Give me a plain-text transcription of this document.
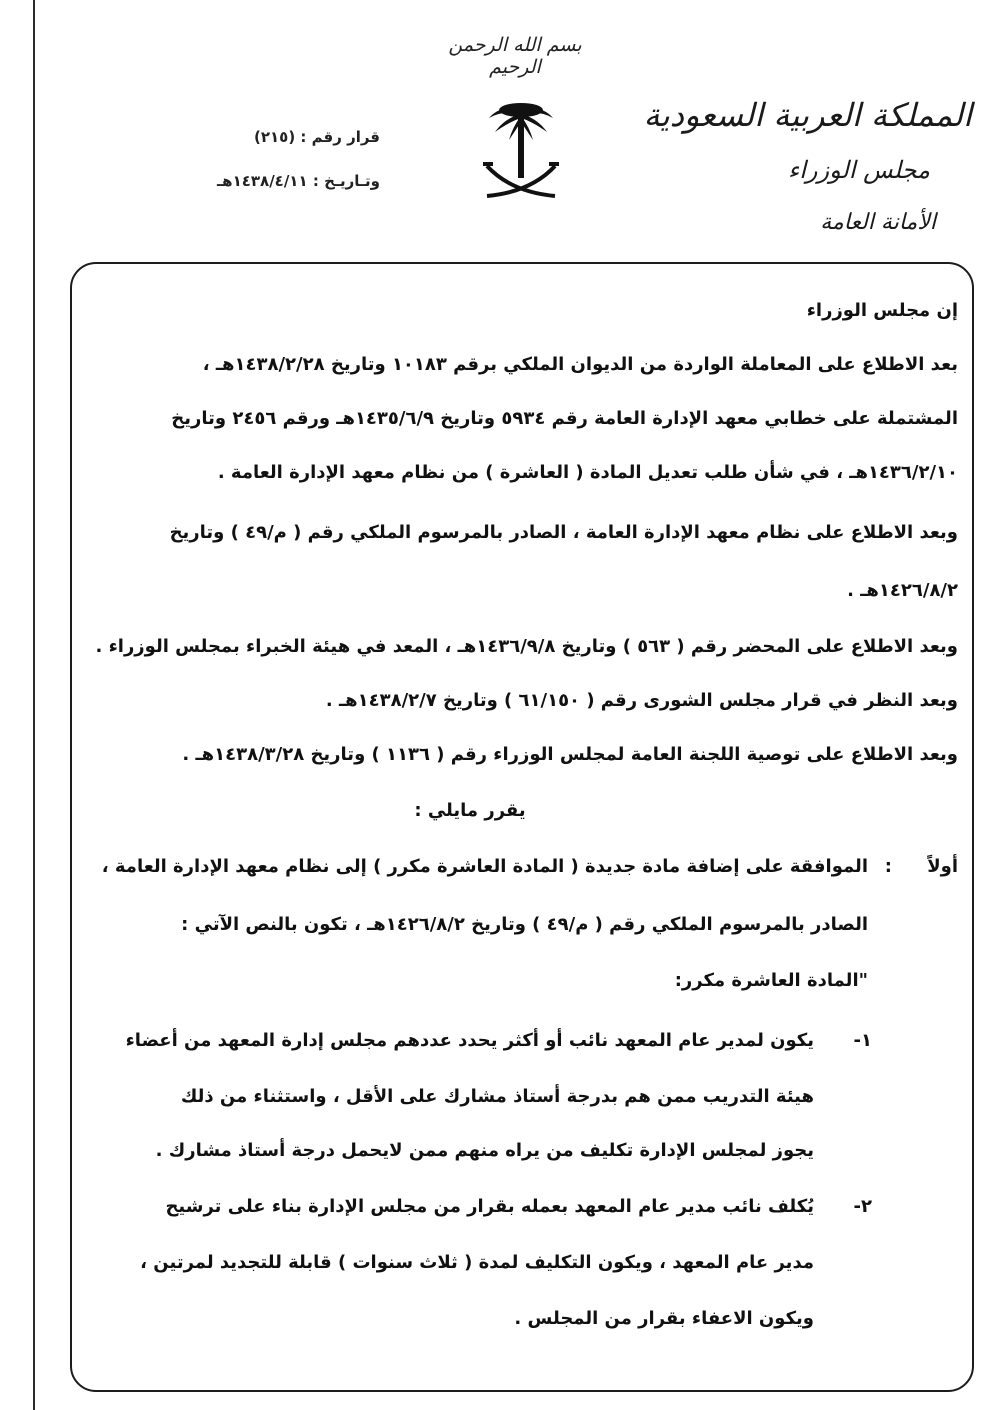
بسم الله الرحمن الرحيم
المملكة العربية السعودية
مجلس الوزراء
الأمانة العامة
قرار رقم : (٢١٥)
وتـاريـخ : ١٤٣٨/٤/١١هـ
إن مجلس الوزراء
بعد الاطلاع على المعاملة الواردة من الديوان الملكي برقم ١٠١٨٣ وتاريخ ١٤٣٨/٢/٢٨هـ ،
المشتملة على خطابي معهد الإدارة العامة رقم ٥٩٣٤ وتاريخ ١٤٣٥/٦/٩هـ ورقم ٢٤٥٦ وتاريخ
١٤٣٦/٢/١٠هـ ، في شأن طلب تعديل المادة ( العاشرة ) من نظام معهد الإدارة العامة .
وبعد الاطلاع على نظام معهد الإدارة العامة ، الصادر بالمرسوم الملكي رقم ( م/٤٩ ) وتاريخ
١٤٢٦/٨/٢هـ .
وبعد الاطلاع على المحضر رقم ( ٥٦٣ ) وتاريخ ١٤٣٦/٩/٨هـ ، المعد في هيئة الخبراء بمجلس الوزراء .
وبعد النظر في قرار مجلس الشورى رقم ( ٦١/١٥٠ ) وتاريخ ١٤٣٨/٢/٧هـ .
وبعد الاطلاع على توصية اللجنة العامة لمجلس الوزراء رقم ( ١١٣٦ ) وتاريخ ١٤٣٨/٣/٢٨هـ .
يقرر مايلي :
أولاً
:
الموافقة على إضافة مادة جديدة ( المادة العاشرة مكرر ) إلى نظام معهد الإدارة العامة ،
الصادر بالمرسوم الملكي رقم ( م/٤٩ ) وتاريخ ١٤٢٦/٨/٢هـ ، تكون بالنص الآتي :
"المادة العاشرة مكرر:
١-
يكون لمدير عام المعهد نائب أو أكثر يحدد عددهم مجلس إدارة المعهد من أعضاء
هيئة التدريب ممن هم بدرجة أستاذ مشارك على الأقل ، واستثناء من ذلك
يجوز لمجلس الإدارة تكليف من يراه منهم ممن لايحمل درجة أستاذ مشارك .
٢-
يُكلف نائب مدير عام المعهد بعمله بقرار من مجلس الإدارة بناء على ترشيح
مدير عام المعهد ، ويكون التكليف لمدة ( ثلاث سنوات ) قابلة للتجديد لمرتين ،
ويكون الاعفاء بقرار من المجلس .
